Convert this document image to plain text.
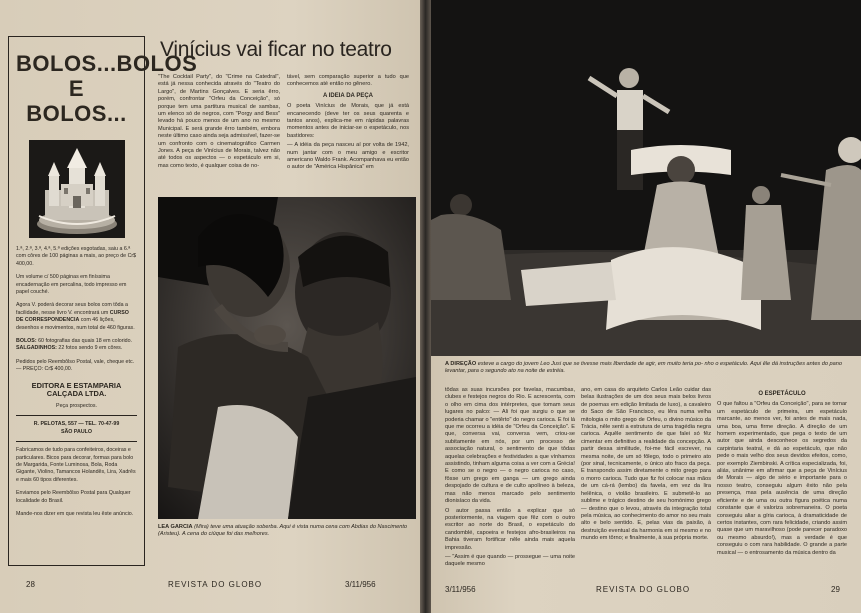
BOLOS...BOLOS
E BOLOS...

1.ª, 2.ª, 3.ª, 4.ª, 5.ª edições esgotadas, saiu a 6.ª com côres de 100 páginas a mais, ao preço de Cr$ 400,00.

Um volume c/ 500 páginas em finíssima encadernação em percalina, todo impresso em papel couché.

Agora V. poderá decorar seus bolos com tôda a facilidade, nesse livro V. encontrará um CURSO DE CORRESPONDENCIA com 46 lições, desenhos e movimentos, num total de 460 figuras.

BOLOS: 60 fotografias das quais 18 em colorido. SALGADINHOS: 22 fotos sendo 9 em côres.

Pedidos pelo Reembôlso Postal, vale, cheque etc. — PREÇO: Cr$ 400,00.

EDITORA E ESTAMPARIA CALÇADA LTDA.
Peça prospectos.
R. PELOTAS, 557 — TEL. 70-47-99
SÃO PAULO

Fabricamos de tudo para confeiteiros, doceiras e particulares. Bicos para decorar, formas para bolo de Margarida, Fonte Luminosa, Bola, Roda Gigante, Violino, Tamancos Holandês, Lira, Xadrês e mais 60 tipos diferentes.

Enviamos pelo Reembôlso Postal para Qualquer localidade do Brasil.

Mande-nos dizer em que revista leu êste anúncio.

Vinícius vai ficar no teatro

"The Cocktail Party", do "Crime na Catedral", está já nessa conhecida através do "Teatro do Largo", de Martins Gonçalves. E seria êrro, porém, confrontar "Orfeu da Conceição", só porque tem uma partitura musical de sambas, um elenco só de negros, com "Porgy and Bess" levado há pouco menos de um ano no mesmo Municipal. E será grande êrro também, embora neste último caso ainda seja admissível, fazer-se um confronto com o cinematográfico Carmen Jones. A peça de Vinícius de Morais, talvez não até todos os aspectos — o espetáculo em si, mas como texto, é qualquer coisa de no-

tável, sem comparação superior a tudo que conhecemos até então no gênero.

A IDEIA DA PEÇA

O poeta Vinícius de Morais, que já está encanecendo (deve ter os seus quarenta e tantos anos), explica-me em rápidas palavras momentos antes de iniciar-se o espetáculo, nos bastidores:

— A idéia da peça nasceu aí por volta de 1942, num jantar com o meu amigo e escritor americano Waldo Frank. Acompanhava eu então o autor de "América Hispânica" em

LEA GARCIA (Mira) teve uma atuação soberba. Aqui é vista numa cena com Abdias do Nascimento (Aristeu). A cena do ciúque foi das melhores.
28	REVISTA DO GLOBO	3/11/956
A DIREÇÃO esteve a cargo do jovem Leo Jusi que se tivesse mais liberdade de agir, em muito teria po- nho o espetáculo. Aqui êle dá instruções antes do pano levantar, para o segundo ato na noite de estréia.

tôdas as suas incursões por favelas, macumbas, clubes e festejos negros do Rio. E acrescenta, com o olho em cima dos intérpretes, que tomam seus lugares no palco: — Ali foi que surgiu o que se poderia chamar o "entêrto" do negro carioca. E foi lá que me ocorreu a idéia de "Orfeu da Conceição". E que, conversa vai, conversa vem, criou-se subitamente em nós, por um processo de associação natural, o sentimento de que tôdas aquelas celebrações e festividades a que vínhamos assistindo, tinham alguma coisa a ver com a Grécia! E como se o negro — o negro carioca no caso, fôsse um grego em ganga — um grego ainda despojado de cultura e de culto apolíneo à beleza, mas não menos marcado pelo sentimento dionisíaco da vida.

O autor passa então a explicar que só posteriormente, na viagem que fêz com o outro escritor ao norte do Brasil, o espetáculo do candomblé, capoeira e festejos afro-brasileiros na Bahia tiveram fortificar nêle ainda mais aquela impressão.

— "Assim é que quando — prossegue — uma noite daquele mesmo

ano, em casa do arquiteto Carlos Leão cuidar das belas ilustrações de um dos seus mais belos livros de poemas em edição limitada de luxo), a cavaleiro do Saco de São Francisco, eu lêra numa velha mitologia o mito grego de Orfeu, o divino músico da Trácia, nêle senti a estrutura de uma tragédia negra carioca. Aquêle sentimento de que falei só fêz cimentar em definitivo a realidade da concepção. A partir dessa similitude, foi-me fácil escrever, na mesma noite, de um só fôlego, todo o primeiro ato (por sinal, tecnicamente, o único ato fraco da peça. E transpondo assim diretamente o mito grego para o morro carioca. Tudo que fiz foi colocar nas mãos de um cá-rá (lembo) da favela, em vez da lira helênica, o violão brasileiro. E submetê-lo ao sublime e trágico destino de seu homónimo grego — destino que o levou, através da integração total pela música, ao conhecimento do amor no seu mais alto e belo sentido. E, pelas vias da paixão, à destruição eventual da harmonia em si mesmo e no mundo em tôrno; e finalmente, à sua própria morte.

O ESPETÁCULO

O que faltou a "Orfeu da Conceição", para se tornar um espetáculo de primeira, um espetáculo marcante, ao menos ver, foi antes de mais nada, uma boa, uma firme direção. A direção de um homem experimentado, que pega o texto de um autor que ainda desconhece os segredos da carpintaria teatral, e dá ao espetáculo, que não pede o mais velho dos seus devidos efeitos, como, por exemplo Ziembinski. A crítica especializada, foi, aliás, unânime em afirmar que a peça de Vinícius de Morais — algo de sério e importante para o nosso teatro, conseguiu algum êxito não pela presença, mas pela ausência de uma direção eficiente e de uma ou outra figura poética numa constante que é valoriza sobremaneira. O poeta conseguiu aliar a gíria carioca, à dramaticidade de certos instantes, com rara felicidade, criando assim quase que um maravilhoso (pode parecer paradoxo ou mesmo absurdo!), mas a verdade é que conseguiu o com rara habilidade. O grande a parte musical — o entrosamento da música dentro da

3/11/956	REVISTA DO GLOBO	29
